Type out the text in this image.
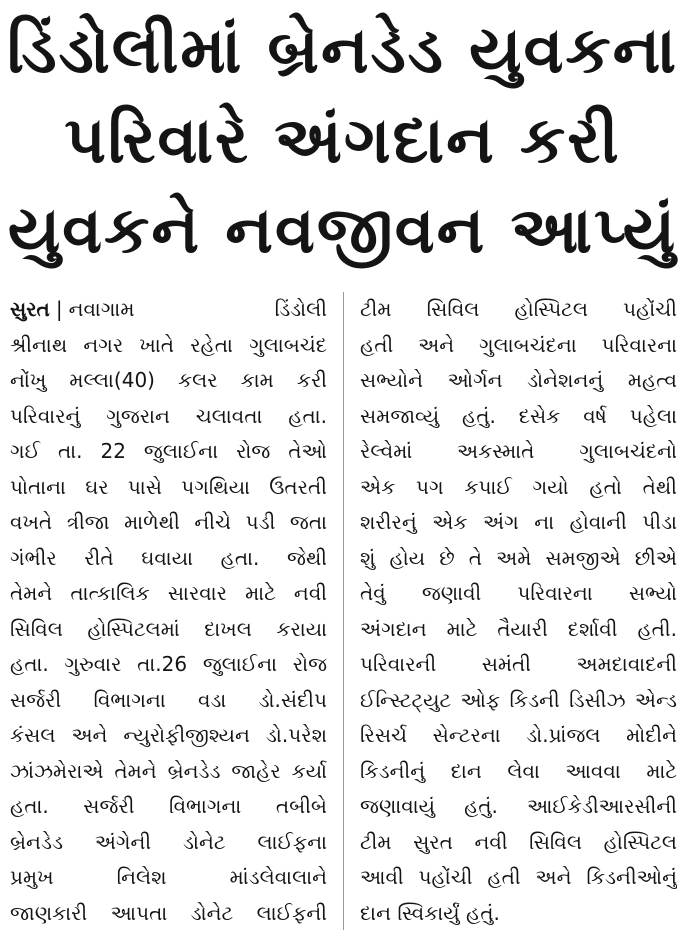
ડિંડોલીમાં બ્રેનડેડ યુવકના
પરિવારે અંગદાન કરી
યુવકને નવજીવન આપ્યું
સુરત | નવાગામ ડિંડોલી
શ્રીનાથ નગર ખાતે રહેતા ગુલાબચંદ
નોંખુ મલ્લા(40) કલર કામ કરી
પરિવારનું ગુજરાન ચલાવતા હતા.
ગઈ તા. 22 જુલાઈના રોજ તેઓ
પોતાના ઘર પાસે પગથિયા ઉતરતી
વખતે ત્રીજા માળેથી નીચે પડી જતા
ગંભીર રીતે ઘવાયા હતા. જેથી
તેમને તાત્કાલિક સારવાર માટે નવી
સિવિલ હોસ્પિટલમાં દાખલ કરાયા
હતા. ગુરુવાર તા.26 જુલાઈના રોજ
સર્જરી વિભાગના વડા ડો.સંદીપ
કંસલ અને ન્યુરોફીજીશ્યન ડો.પરેશ
ઝાંઝમેરાએ તેમને બ્રેનડેડ જાહેર કર્યા
હતા. સર્જરી વિભાગના તબીબે
બ્રેનડેડ અંગેની ડોનેટ લાઈફના
પ્રમુખ નિલેશ માંડલેવાલાને
જાણકારી આપતા ડોનેટ લાઈફની
ટીમ સિવિલ હોસ્પિટલ પહોંચી
હતી અને ગુલાબચંદના પરિવારના
સભ્યોને ઓર્ગન ડોનેશનનું મહત્વ
સમજાવ્યું હતું. દસેક વર્ષ પહેલા
રેલ્વેમાં અકસ્માતે ગુલાબચંદનો
એક પગ કપાઈ ગયો હતો તેથી
શરીરનું એક અંગ ના હોવાની પીડા
શું હોય છે તે અમે સમજીએ છીએ
તેવું જણાવી પરિવારના સભ્યો
અંગદાન માટે તૈયારી દર્શાવી હતી.
પરિવારની સમંતી અમદાવાદની
ઈન્સ્ટિટ્યુટ ઓફ કિડની ડિસીઝ એન્ડ
રિસર્ચ સેન્ટરના ડો.પ્રાંજલ મોદીને
કિડનીનું દાન લેવા આવવા માટે
જણાવાયું હતું. આઈકેડીઆરસીની
ટીમ સુરત નવી સિવિલ હોસ્પિટલ
આવી પહોંચી હતી અને કિડનીઓનું
દાન સ્વિકાર્યું હતું.
